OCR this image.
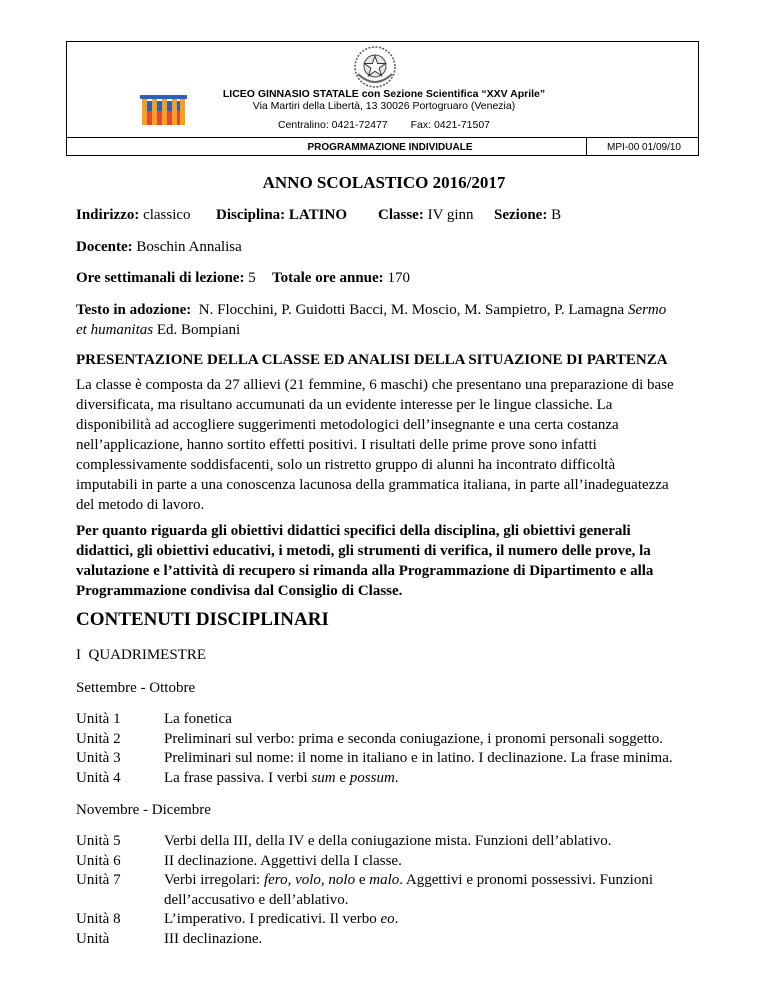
LICEO GINNASIO STATALE con Sezione Scientifica “XXV Aprile”
Via Martiri della Libertà, 13 30026 Portogruaro (Venezia)
Centralino: 0421-72477 Fax: 0421-71507
PROGRAMMAZIONE INDIVIDUALE	MPI-00 01/09/10
ANNO SCOLASTICO 2016/2017
Indirizzo: classico Disciplina: LATINO Classe: IV ginn Sezione: B
Docente: Boschin Annalisa
Ore settimanali di lezione: 5 Totale ore annue: 170
Testo in adozione:  N. Flocchini, P. Guidotti Bacci, M. Moscio, M. Sampietro, P. Lamagna Sermo
et humanitas Ed. Bompiani
PRESENTAZIONE DELLA CLASSE ED ANALISI DELLA SITUAZIONE DI PARTENZA
La classe è composta da 27 allievi (21 femmine, 6 maschi) che presentano una preparazione di base
diversificata, ma risultano accumunati da un evidente interesse per le lingue classiche. La
disponibilità ad accogliere suggerimenti metodologici dell’insegnante e una certa costanza
nell’applicazione, hanno sortito effetti positivi. I risultati delle prime prove sono infatti
complessivamente soddisfacenti, solo un ristretto gruppo di alunni ha incontrato difficoltà
imputabili in parte a una conoscenza lacunosa della grammatica italiana, in parte all’inadeguatezza
del metodo di lavoro.
Per quanto riguarda gli obiettivi didattici specifici della disciplina, gli obiettivi generali
didattici, gli obiettivi educativi, i metodi, gli strumenti di verifica, il numero delle prove, la
valutazione e l’attività di recupero si rimanda alla Programmazione di Dipartimento e alla
Programmazione condivisa dal Consiglio di Classe.
CONTENUTI DISCIPLINARI
I  QUADRIMESTRE
Settembre - Ottobre
Unità 1	La fonetica
Unità 2	Preliminari sul verbo: prima e seconda coniugazione, i pronomi personali soggetto.
Unità 3	Preliminari sul nome: il nome in italiano e in latino. I declinazione. La frase minima.
Unità 4	La frase passiva. I verbi sum e possum.
Novembre - Dicembre
Unità 5	Verbi della III, della IV e della coniugazione mista. Funzioni dell’ablativo.
Unità 6	II declinazione. Aggettivi della I classe.
Unità 7	Verbi irregolari: fero, volo, nolo e malo. Aggettivi e pronomi possessivi. Funzioni
dell’accusativo e dell’ablativo.
Unità 8	L’imperativo. I predicativi. Il verbo eo.
Unità	III declinazione.
